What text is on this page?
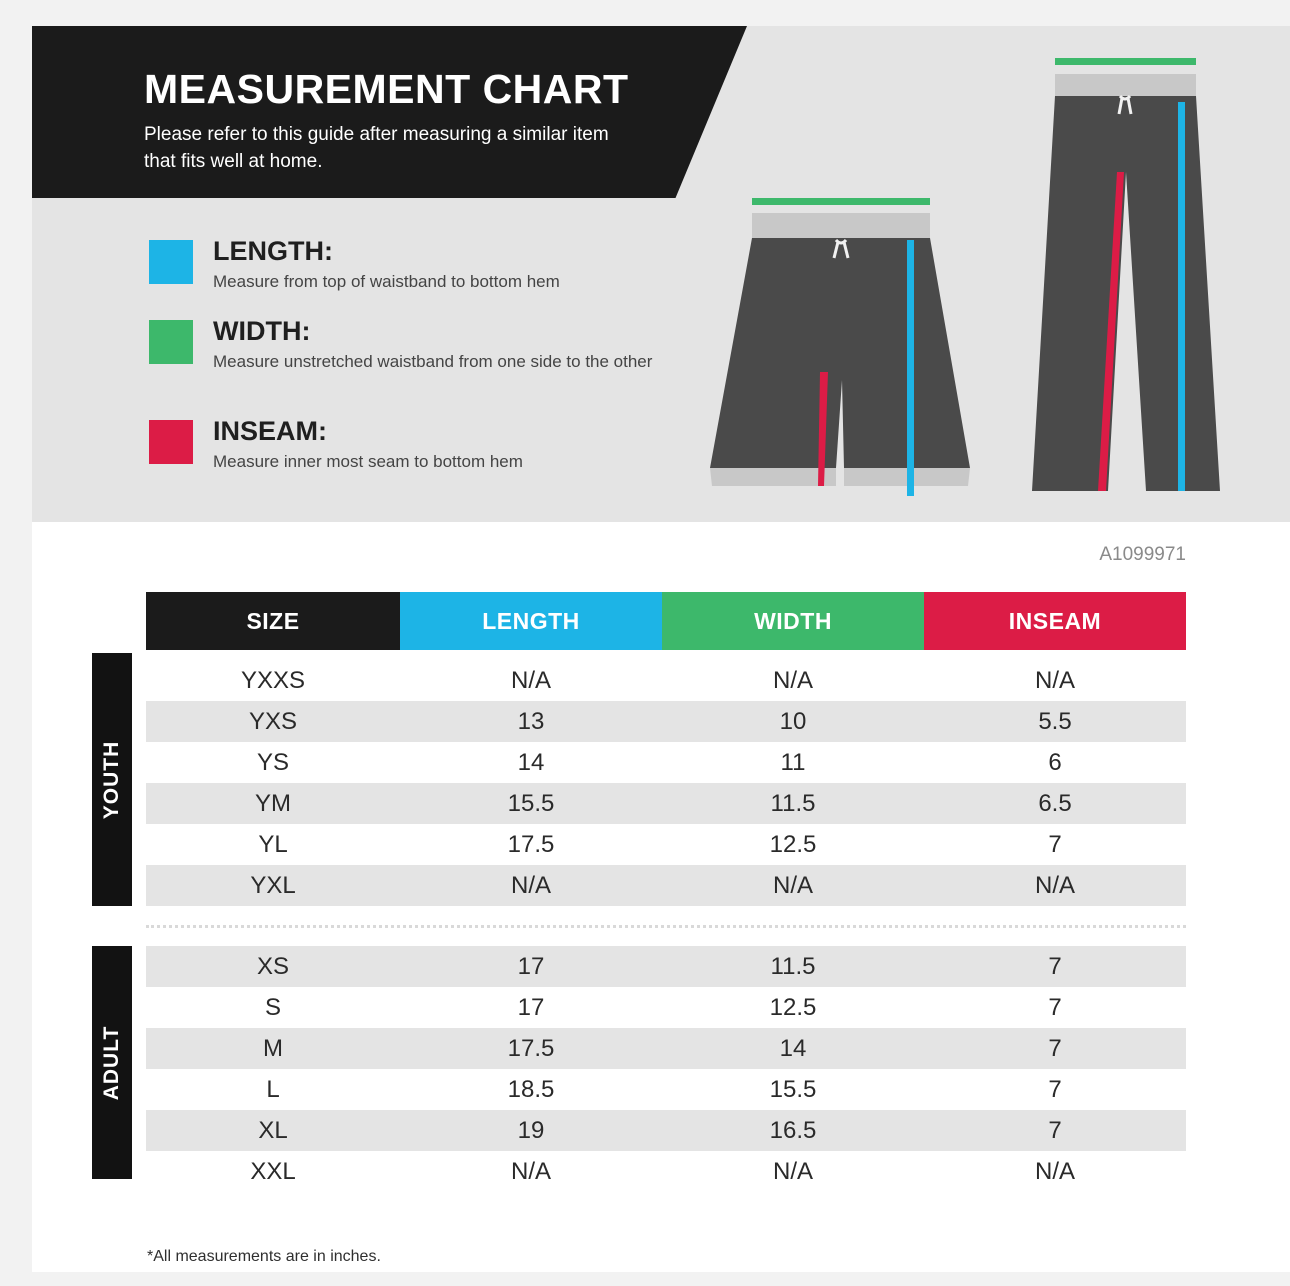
MEASUREMENT CHART
Please refer to this guide after measuring a similar item that fits well at home.
LENGTH:
Measure from top of waistband to bottom hem
WIDTH:
Measure unstretched waistband from one side to the other
INSEAM:
Measure inner most seam to bottom hem
A1099971
SIZE	LENGTH	WIDTH	INSEAM
YOUTH
ADULT
YXXS	N/A	N/A	N/A
YXS	13	10	5.5
YS	14	11	6
YM	15.5	11.5	6.5
YL	17.5	12.5	7
YXL	N/A	N/A	N/A
XS	17	11.5	7
S	17	12.5	7
M	17.5	14	7
L	18.5	15.5	7
XL	19	16.5	7
XXL	N/A	N/A	N/A
*All measurements are in inches.
